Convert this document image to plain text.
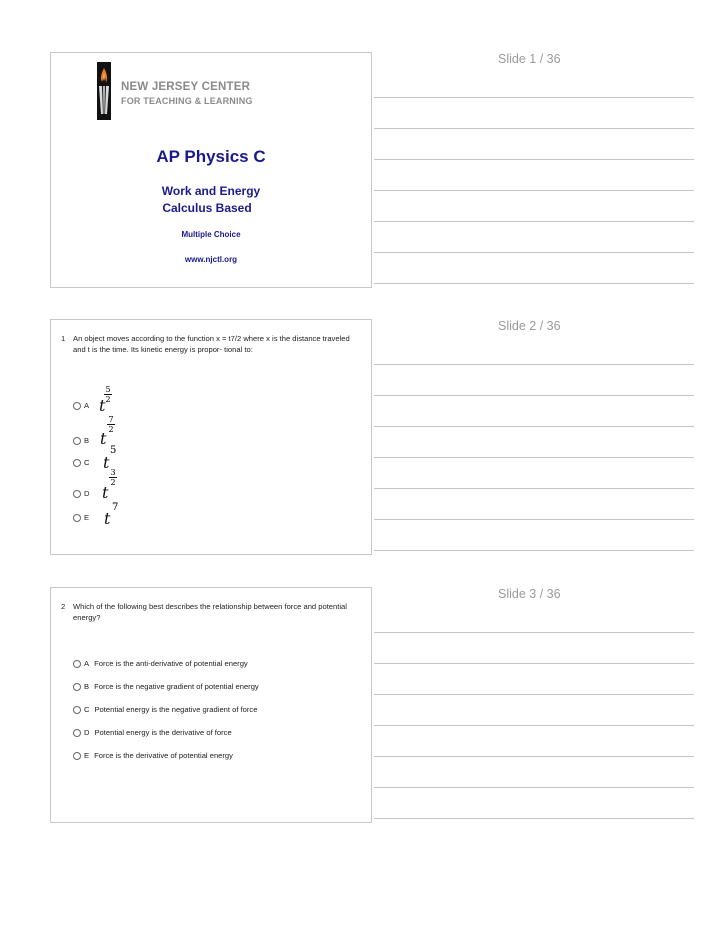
Slide 1 / 36
NEW JERSEY CENTER
FOR TEACHING & LEARNING
AP Physics C
Work and Energy
Calculus Based
Multiple Choice
www.njctl.org
Slide 2 / 36
1 An object moves according to the function x = t7/2 where x is the distance traveled and t is the time. Its kinetic energy is propor- tional to:
A t
5
2
B t
7
2
C t
5
D t
3
2
E t
7
Slide 3 / 36
2 Which of the following best describes the relationship between force and potential energy?
A Force is the anti-derivative of potential energy
B Force is the negative gradient of potential energy
C Potential energy is the negative gradient of force
D Potential energy is the derivative of force
E Force is the derivative of potential energy
